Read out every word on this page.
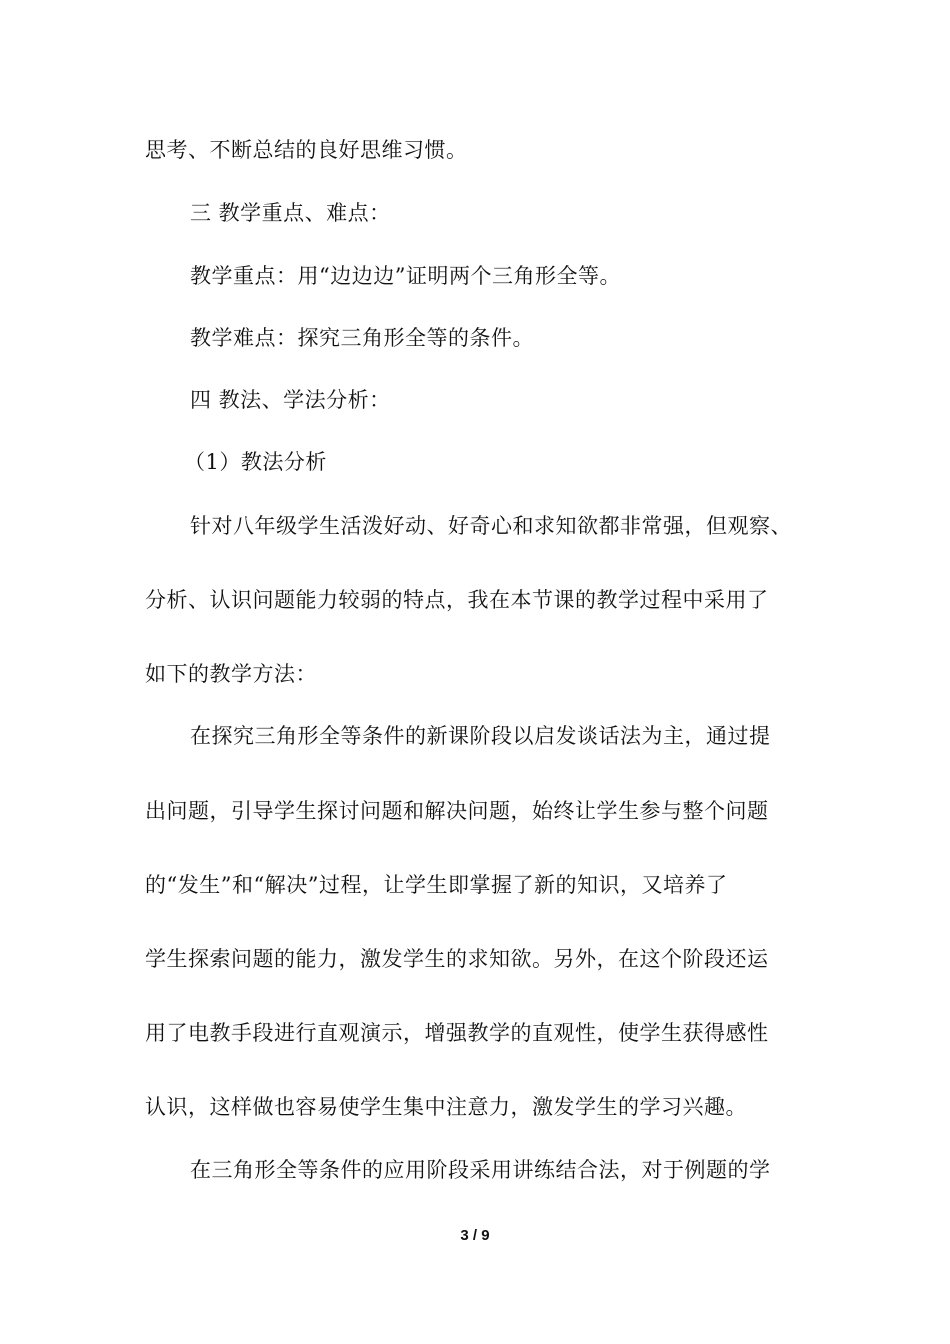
思考、不断总结的良好思维习惯。
三 教学重点、难点：
教学重点：用“边边边”证明两个三角形全等。
教学难点：探究三角形全等的条件。
四 教法、学法分析：
（1）教法分析
针对八年级学生活泼好动、好奇心和求知欲都非常强，但观察、
分析、认识问题能力较弱的特点，我在本节课的教学过程中采用了
如下的教学方法：
在探究三角形全等条件的新课阶段以启发谈话法为主，通过提
出问题，引导学生探讨问题和解决问题，始终让学生参与整个问题
的“发生”和“解决”过程，让学生即掌握了新的知识，又培养了
学生探索问题的能力，激发学生的求知欲。另外，在这个阶段还运
用了电教手段进行直观演示，增强教学的直观性，使学生获得感性
认识，这样做也容易使学生集中注意力，激发学生的学习兴趣。
在三角形全等条件的应用阶段采用讲练结合法，对于例题的学
3 / 9
